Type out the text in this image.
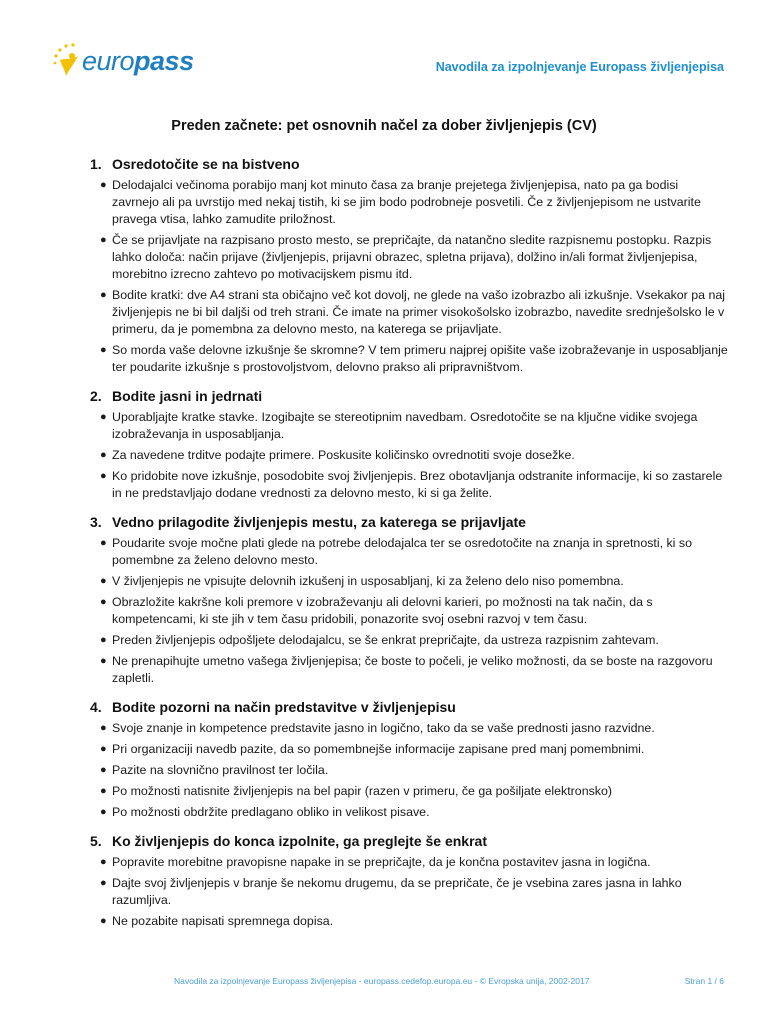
europass	Navodila za izpolnjevanje Europass življenjepisa
Preden začnete: pet osnovnih načel za dober življenjepis (CV)
1. Osredotočite se na bistveno
● Delodajalci večinoma porabijo manj kot minuto časa za branje prejetega življenjepisa, nato pa ga bodisi zavrnejo ali pa uvrstijo med nekaj tistih, ki se jim bodo podrobneje posvetili. Če z življenjepisom ne ustvarite pravega vtisa, lahko zamudite priložnost.
● Če se prijavljate na razpisano prosto mesto, se prepričajte, da natančno sledite razpisnemu postopku. Razpis lahko določa: način prijave (življenjepis, prijavni obrazec, spletna prijava), dolžino in/ali format življenjepisa, morebitno izrecno zahtevo po motivacijskem pismu itd.
● Bodite kratki: dve A4 strani sta običajno več kot dovolj, ne glede na vašo izobrazbo ali izkušnje. Vsekakor pa naj življenjepis ne bi bil daljši od treh strani. Če imate na primer visokošolsko izobrazbo, navedite srednješolsko le v primeru, da je pomembna za delovno mesto, na katerega se prijavljate.
● So morda vaše delovne izkušnje še skromne? V tem primeru najprej opišite vaše izobraževanje in usposabljanje ter poudarite izkušnje s prostovoljstvom, delovno prakso ali pripravništvom.
2. Bodite jasni in jedrnati
● Uporabljajte kratke stavke. Izogibajte se stereotipnim navedbam. Osredotočite se na ključne vidike svojega izobraževanja in usposabljanja.
● Za navedene trditve podajte primere. Poskusite količinsko ovrednotiti svoje dosežke.
● Ko pridobite nove izkušnje, posodobite svoj življenjepis. Brez obotavljanja odstranite informacije, ki so zastarele in ne predstavljajo dodane vrednosti za delovno mesto, ki si ga želite.
3. Vedno prilagodite življenjepis mestu, za katerega se prijavljate
● Poudarite svoje močne plati glede na potrebe delodajalca ter se osredotočite na znanja in spretnosti, ki so pomembne za želeno delovno mesto.
● V življenjepis ne vpisujte delovnih izkušenj in usposabljanj, ki za želeno delo niso pomembna.
● Obrazložite kakršne koli premore v izobraževanju ali delovni karieri, po možnosti na tak način, da s kompetencami, ki ste jih v tem času pridobili, ponazorite svoj osebni razvoj v tem času.
● Preden življenjepis odpošljete delodajalcu, se še enkrat prepričajte, da ustreza razpisnim zahtevam.
● Ne prenapihujte umetno vašega življenjepisa; če boste to počeli, je veliko možnosti, da se boste na razgovoru zapletli.
4. Bodite pozorni na način predstavitve v življenjepisu
● Svoje znanje in kompetence predstavite jasno in logično, tako da se vaše prednosti jasno razvidne.
● Pri organizaciji navedb pazite, da so pomembnejše informacije zapisane pred manj pomembnimi.
● Pazite na slovnično pravilnost ter ločila.
● Po možnosti natisnite življenjepis na bel papir (razen v primeru, če ga pošiljate elektronsko)
● Po možnosti obdržite predlagano obliko in velikost pisave.
5. Ko življenjepis do konca izpolnite, ga preglejte še enkrat
● Popravite morebitne pravopisne napake in se prepričajte, da je končna postavitev jasna in logična.
● Dajte svoj življenjepis v branje še nekomu drugemu, da se prepričate, če je vsebina zares jasna in lahko razumljiva.
● Ne pozabite napisati spremnega dopisa.
Navodila za izpolnjevanje Europass življenjepisa - europass.cedefop.europa.eu - © Evropska unija, 2002-2017	Stran 1 / 6
